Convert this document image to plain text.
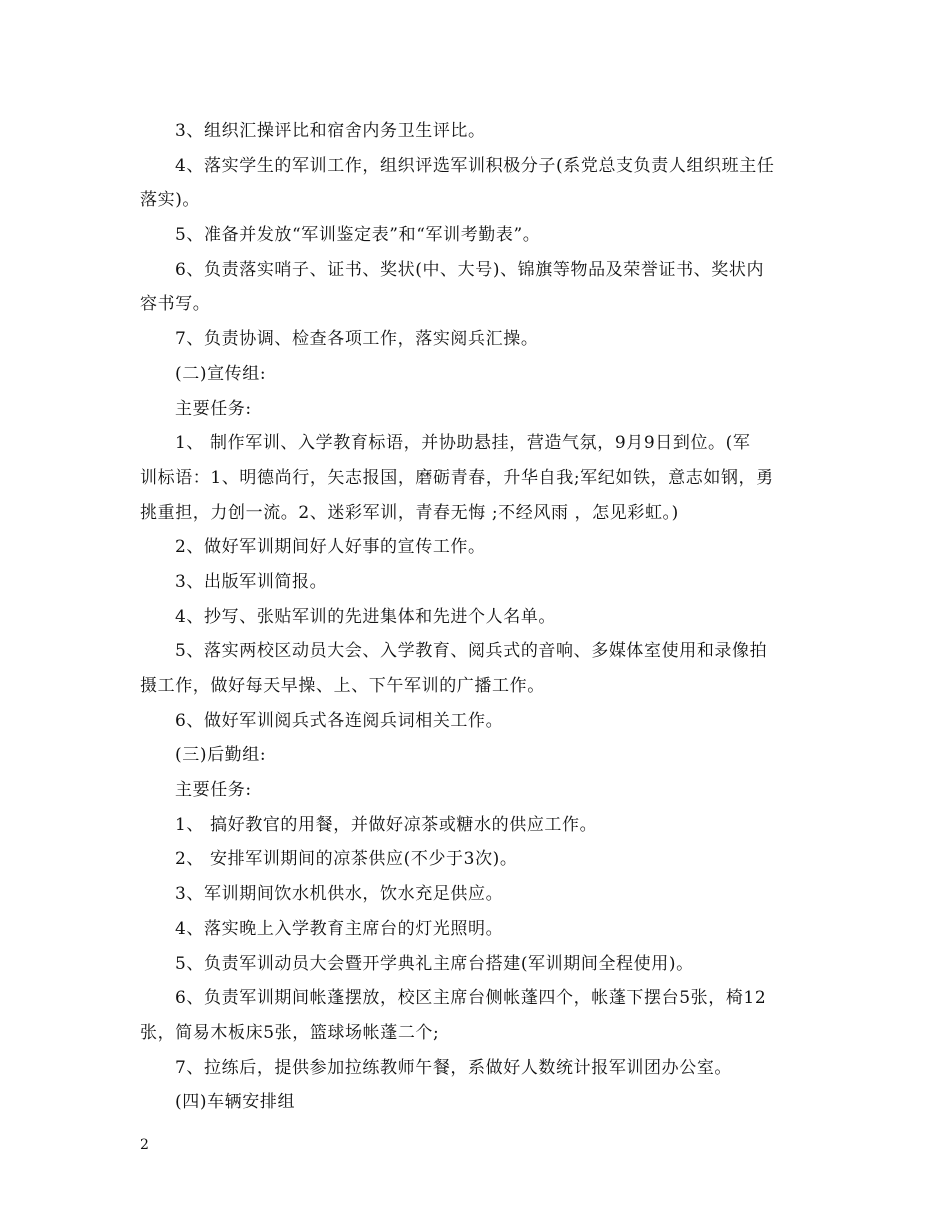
3、组织汇操评比和宿舍内务卫生评比。
4、落实学生的军训工作，组织评选军训积极分子(系党总支负责人组织班主任
落实)。
5、准备并发放“军训鉴定表”和“军训考勤表”。
6、负责落实哨子、证书、奖状(中、大号)、锦旗等物品及荣誉证书、奖状内
容书写。
7、负责协调、检查各项工作，落实阅兵汇操。
(二)宣传组:
主要任务:
1、 制作军训、入学教育标语，并协助悬挂，营造气氛，9月9日到位。(军
训标语：1、明德尚行，矢志报国，磨砺青春，升华自我;军纪如铁，意志如钢，勇
挑重担，力创一流。2、迷彩军训，青春无悔 ;不经风雨 ，怎见彩虹。)
2、做好军训期间好人好事的宣传工作。
3、出版军训简报。
4、抄写、张贴军训的先进集体和先进个人名单。
5、落实两校区动员大会、入学教育、阅兵式的音响、多媒体室使用和录像拍
摄工作，做好每天早操、上、下午军训的广播工作。
6、做好军训阅兵式各连阅兵词相关工作。
(三)后勤组:
主要任务:
1、 搞好教官的用餐，并做好凉茶或糖水的供应工作。
2、 安排军训期间的凉茶供应(不少于3次)。
3、军训期间饮水机供水，饮水充足供应。
4、落实晚上入学教育主席台的灯光照明。
5、负责军训动员大会暨开学典礼主席台搭建(军训期间全程使用)。
6、负责军训期间帐蓬摆放，校区主席台侧帐蓬四个，帐蓬下摆台5张，椅12
张，简易木板床5张，篮球场帐蓬二个;
7、拉练后，提供参加拉练教师午餐，系做好人数统计报军训团办公室。
(四)车辆安排组
2
